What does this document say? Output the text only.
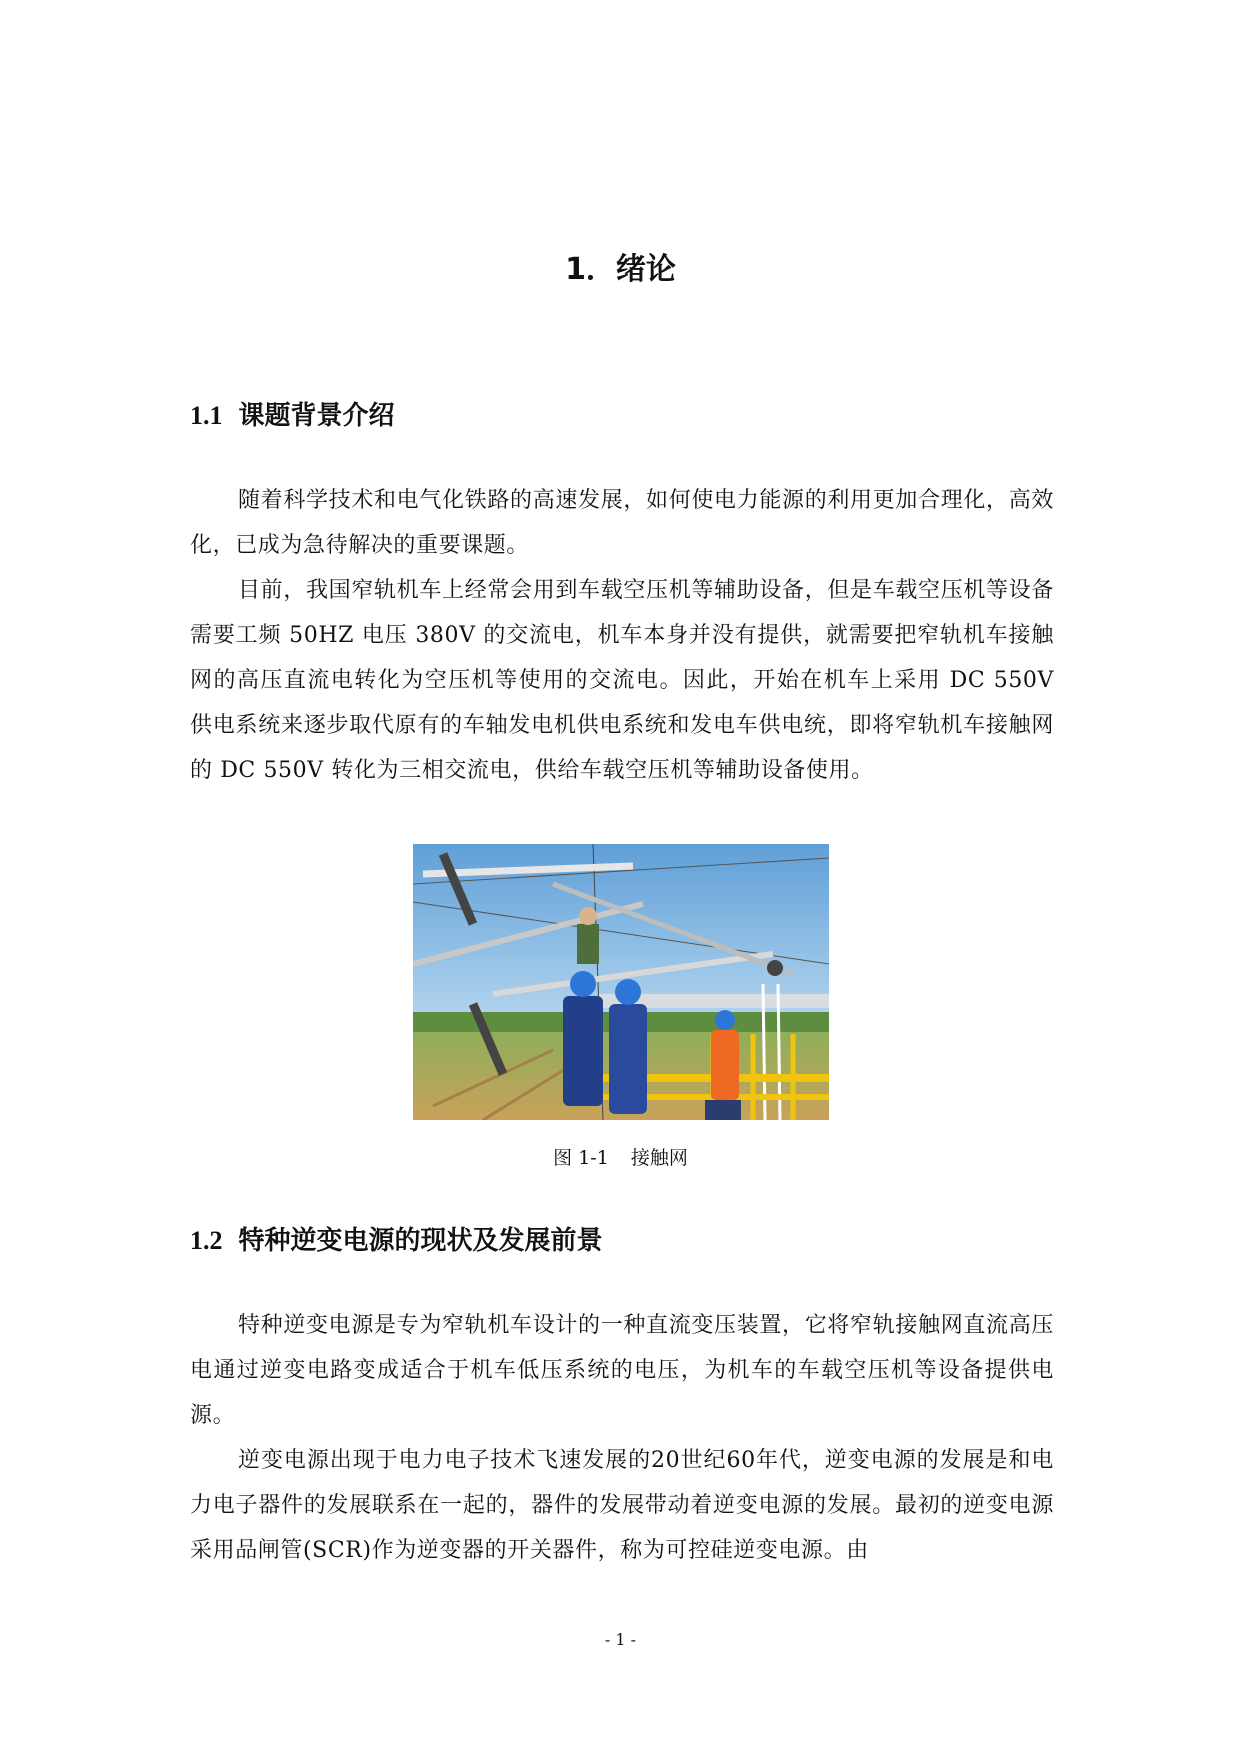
1．绪论
1.1 课题背景介绍

随着科学技术和电气化铁路的高速发展，如何使电力能源的利用更加合理化，高效化，已成为急待解决的重要课题。

目前，我国窄轨机车上经常会用到车载空压机等辅助设备，但是车载空压机等设备需要工频 50HZ 电压 380V 的交流电，机车本身并没有提供，就需要把窄轨机车接触网的高压直流电转化为空压机等使用的交流电。因此，开始在机车上采用 DC 550V 供电系统来逐步取代原有的车轴发电机供电系统和发电车供电统，即将窄轨机车接触网的 DC 550V 转化为三相交流电，供给车载空压机等辅助设备使用。

图 1-1 接触网

1.2 特种逆变电源的现状及发展前景

特种逆变电源是专为窄轨机车设计的一种直流变压装置，它将窄轨接触网直流高压电通过逆变电路变成适合于机车低压系统的电压，为机车的车载空压机等设备提供电源。

逆变电源出现于电力电子技术飞速发展的20世纪60年代，逆变电源的发展是和电力电子器件的发展联系在一起的，器件的发展带动着逆变电源的发展。最初的逆变电源采用品闸管(SCR)作为逆变器的开关器件，称为可控硅逆变电源。由

- 1 -
